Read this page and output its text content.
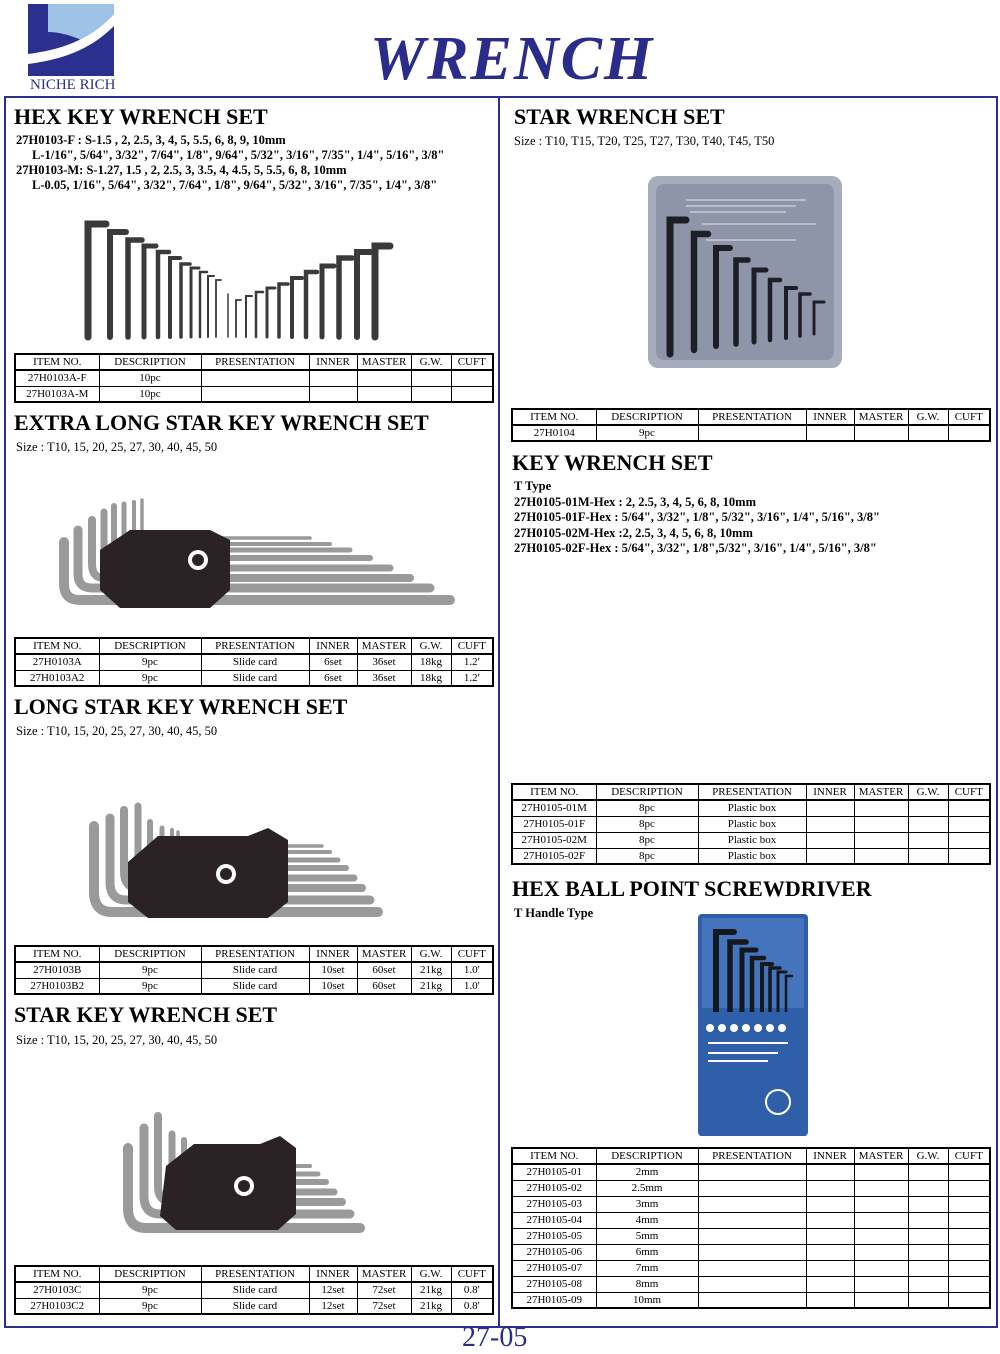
NICHE RICH	WRENCH
HEX KEY WRENCH SET
27H0103-F : S-1.5 , 2, 2.5, 3, 4, 5, 5.5, 6, 8, 9, 10mm
L-1/16", 5/64", 3/32", 7/64", 1/8", 9/64", 5/32", 3/16", 7/35", 1/4", 5/16", 3/8"
27H0103-M: S-1.27, 1.5 , 2, 2.5, 3, 3.5, 4, 4.5, 5, 5.5, 6, 8, 10mm
L-0.05, 1/16", 5/64", 3/32", 7/64", 1/8", 9/64", 5/32", 3/16", 7/35", 1/4", 3/8"
ITEM NO.	DESCRIPTION	PRESENTATION	INNER	MASTER	G.W.	CUFT
27H0103A-F	10pc					
27H0103A-M	10pc					
EXTRA LONG STAR KEY WRENCH SET
Size : T10, 15, 20, 25, 27, 30, 40, 45, 50
ITEM NO.	DESCRIPTION	PRESENTATION	INNER	MASTER	G.W.	CUFT
27H0103A	9pc	Slide card	6set	36set	18kg	1.2'
27H0103A2	9pc	Slide card	6set	36set	18kg	1.2'
LONG STAR KEY WRENCH SET
Size : T10, 15, 20, 25, 27, 30, 40, 45, 50
ITEM NO.	DESCRIPTION	PRESENTATION	INNER	MASTER	G.W.	CUFT
27H0103B	9pc	Slide card	10set	60set	21kg	1.0'
27H0103B2	9pc	Slide card	10set	60set	21kg	1.0'
STAR KEY WRENCH SET
Size : T10, 15, 20, 25, 27, 30, 40, 45, 50
ITEM NO.	DESCRIPTION	PRESENTATION	INNER	MASTER	G.W.	CUFT
27H0103C	9pc	Slide card	12set	72set	21kg	0.8'
27H0103C2	9pc	Slide card	12set	72set	21kg	0.8'
STAR WRENCH SET
Size : T10, T15, T20, T25, T27, T30, T40, T45, T50
ITEM NO.	DESCRIPTION	PRESENTATION	INNER	MASTER	G.W.	CUFT
27H0104	9pc					
KEY WRENCH SET
T Type
27H0105-01M-Hex : 2, 2.5, 3, 4, 5, 6, 8, 10mm
27H0105-01F-Hex : 5/64", 3/32", 1/8", 5/32", 3/16", 1/4", 5/16", 3/8"
27H0105-02M-Hex :2, 2.5, 3, 4, 5, 6, 8, 10mm
27H0105-02F-Hex : 5/64", 3/32", 1/8",5/32", 3/16", 1/4", 5/16", 3/8"
ITEM NO.	DESCRIPTION	PRESENTATION	INNER	MASTER	G.W.	CUFT
27H0105-01M	8pc	Plastic box				
27H0105-01F	8pc	Plastic box				
27H0105-02M	8pc	Plastic box				
27H0105-02F	8pc	Plastic box				
HEX BALL POINT SCREWDRIVER
T Handle Type
ITEM NO.	DESCRIPTION	PRESENTATION	INNER	MASTER	G.W.	CUFT
27H0105-01	2mm					
27H0105-02	2.5mm					
27H0105-03	3mm					
27H0105-04	4mm					
27H0105-05	5mm					
27H0105-06	6mm					
27H0105-07	7mm					
27H0105-08	8mm					
27H0105-09	10mm					
27-05
